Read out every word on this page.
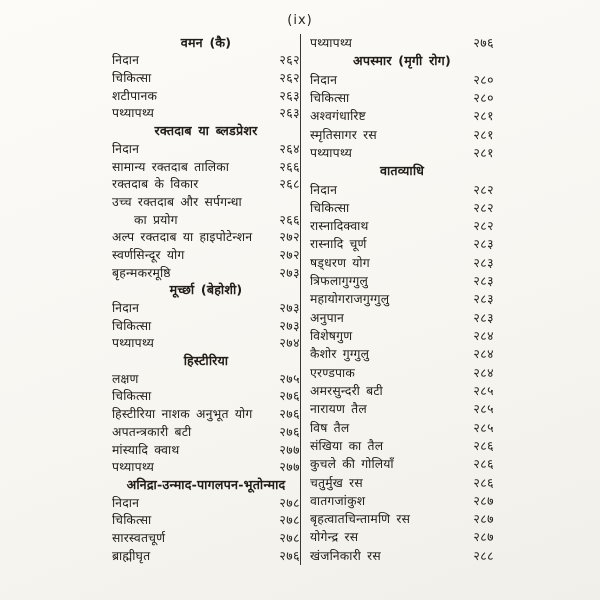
(ix)
वमन (कै)
निदान	२६२
चिकित्सा	२६२
शटीपानक	२६३
पथ्यापथ्य	२६३
रक्तदाब या ब्लडप्रेशर
निदान	२६४
सामान्य रक्तदाब तालिका	२६६
रक्तदाब के विकार	२६८
उच्च रक्तदाब और सर्पगन्धा
का प्रयोग	२६६
अल्प रक्तदाब या हाइपोटेन्शन	२७२
स्वर्णसिन्दूर योग	२७२
बृहन्मकरमूष्ठि	२७३
मूर्च्छा (बेहोशी)
निदान	२७३
चिकित्सा	२७३
पथ्यापथ्य	२७४
हिस्टीरिया
लक्षण	२७५
चिकित्सा	२७६
हिस्टीरिया नाशक अनुभूत योग	२७६
अपतन्त्रकारी बटी	२७६
मांस्यादि क्वाथ	२७७
पथ्यापथ्य	२७७
अनिद्रा-उन्माद-पागलपन-भूतोन्माद
निदान	२७८
चिकित्सा	२७८
सारस्वतचूर्ण	२७८
ब्राह्मीघृत	२७६
पथ्यापथ्य	२७६
अपस्मार (मृगी रोग)
निदान	२८०
चिकित्सा	२८०
अश्वगंधारिष्ट	२८१
स्मृतिसागर रस	२८१
पथ्यापथ्य	२८१
वातव्याधि
निदान	२८२
चिकित्सा	२८२
रास्नादिक्वाथ	२८२
रास्नादि चूर्ण	२८३
षड्धरण योग	२८३
त्रिफलागुग्गुलु	२८३
महायोगराजगुग्गुलु	२८३
अनुपान	२८३
विशेषगुण	२८४
कैशोर गुग्गुलु	२८४
एरण्डपाक	२८४
अमरसुन्दरी बटी	२८५
नारायण तैल	२८५
विष तैल	२८५
संखिया का तैल	२८६
कुचले की गोलियाँ	२८६
चतुर्मुख रस	२८६
वातगजांकुश	२८७
बृहत्वातचिन्तामणि रस	२८७
योगेन्द्र रस	२८७
खंजनिकारी रस	२८८
